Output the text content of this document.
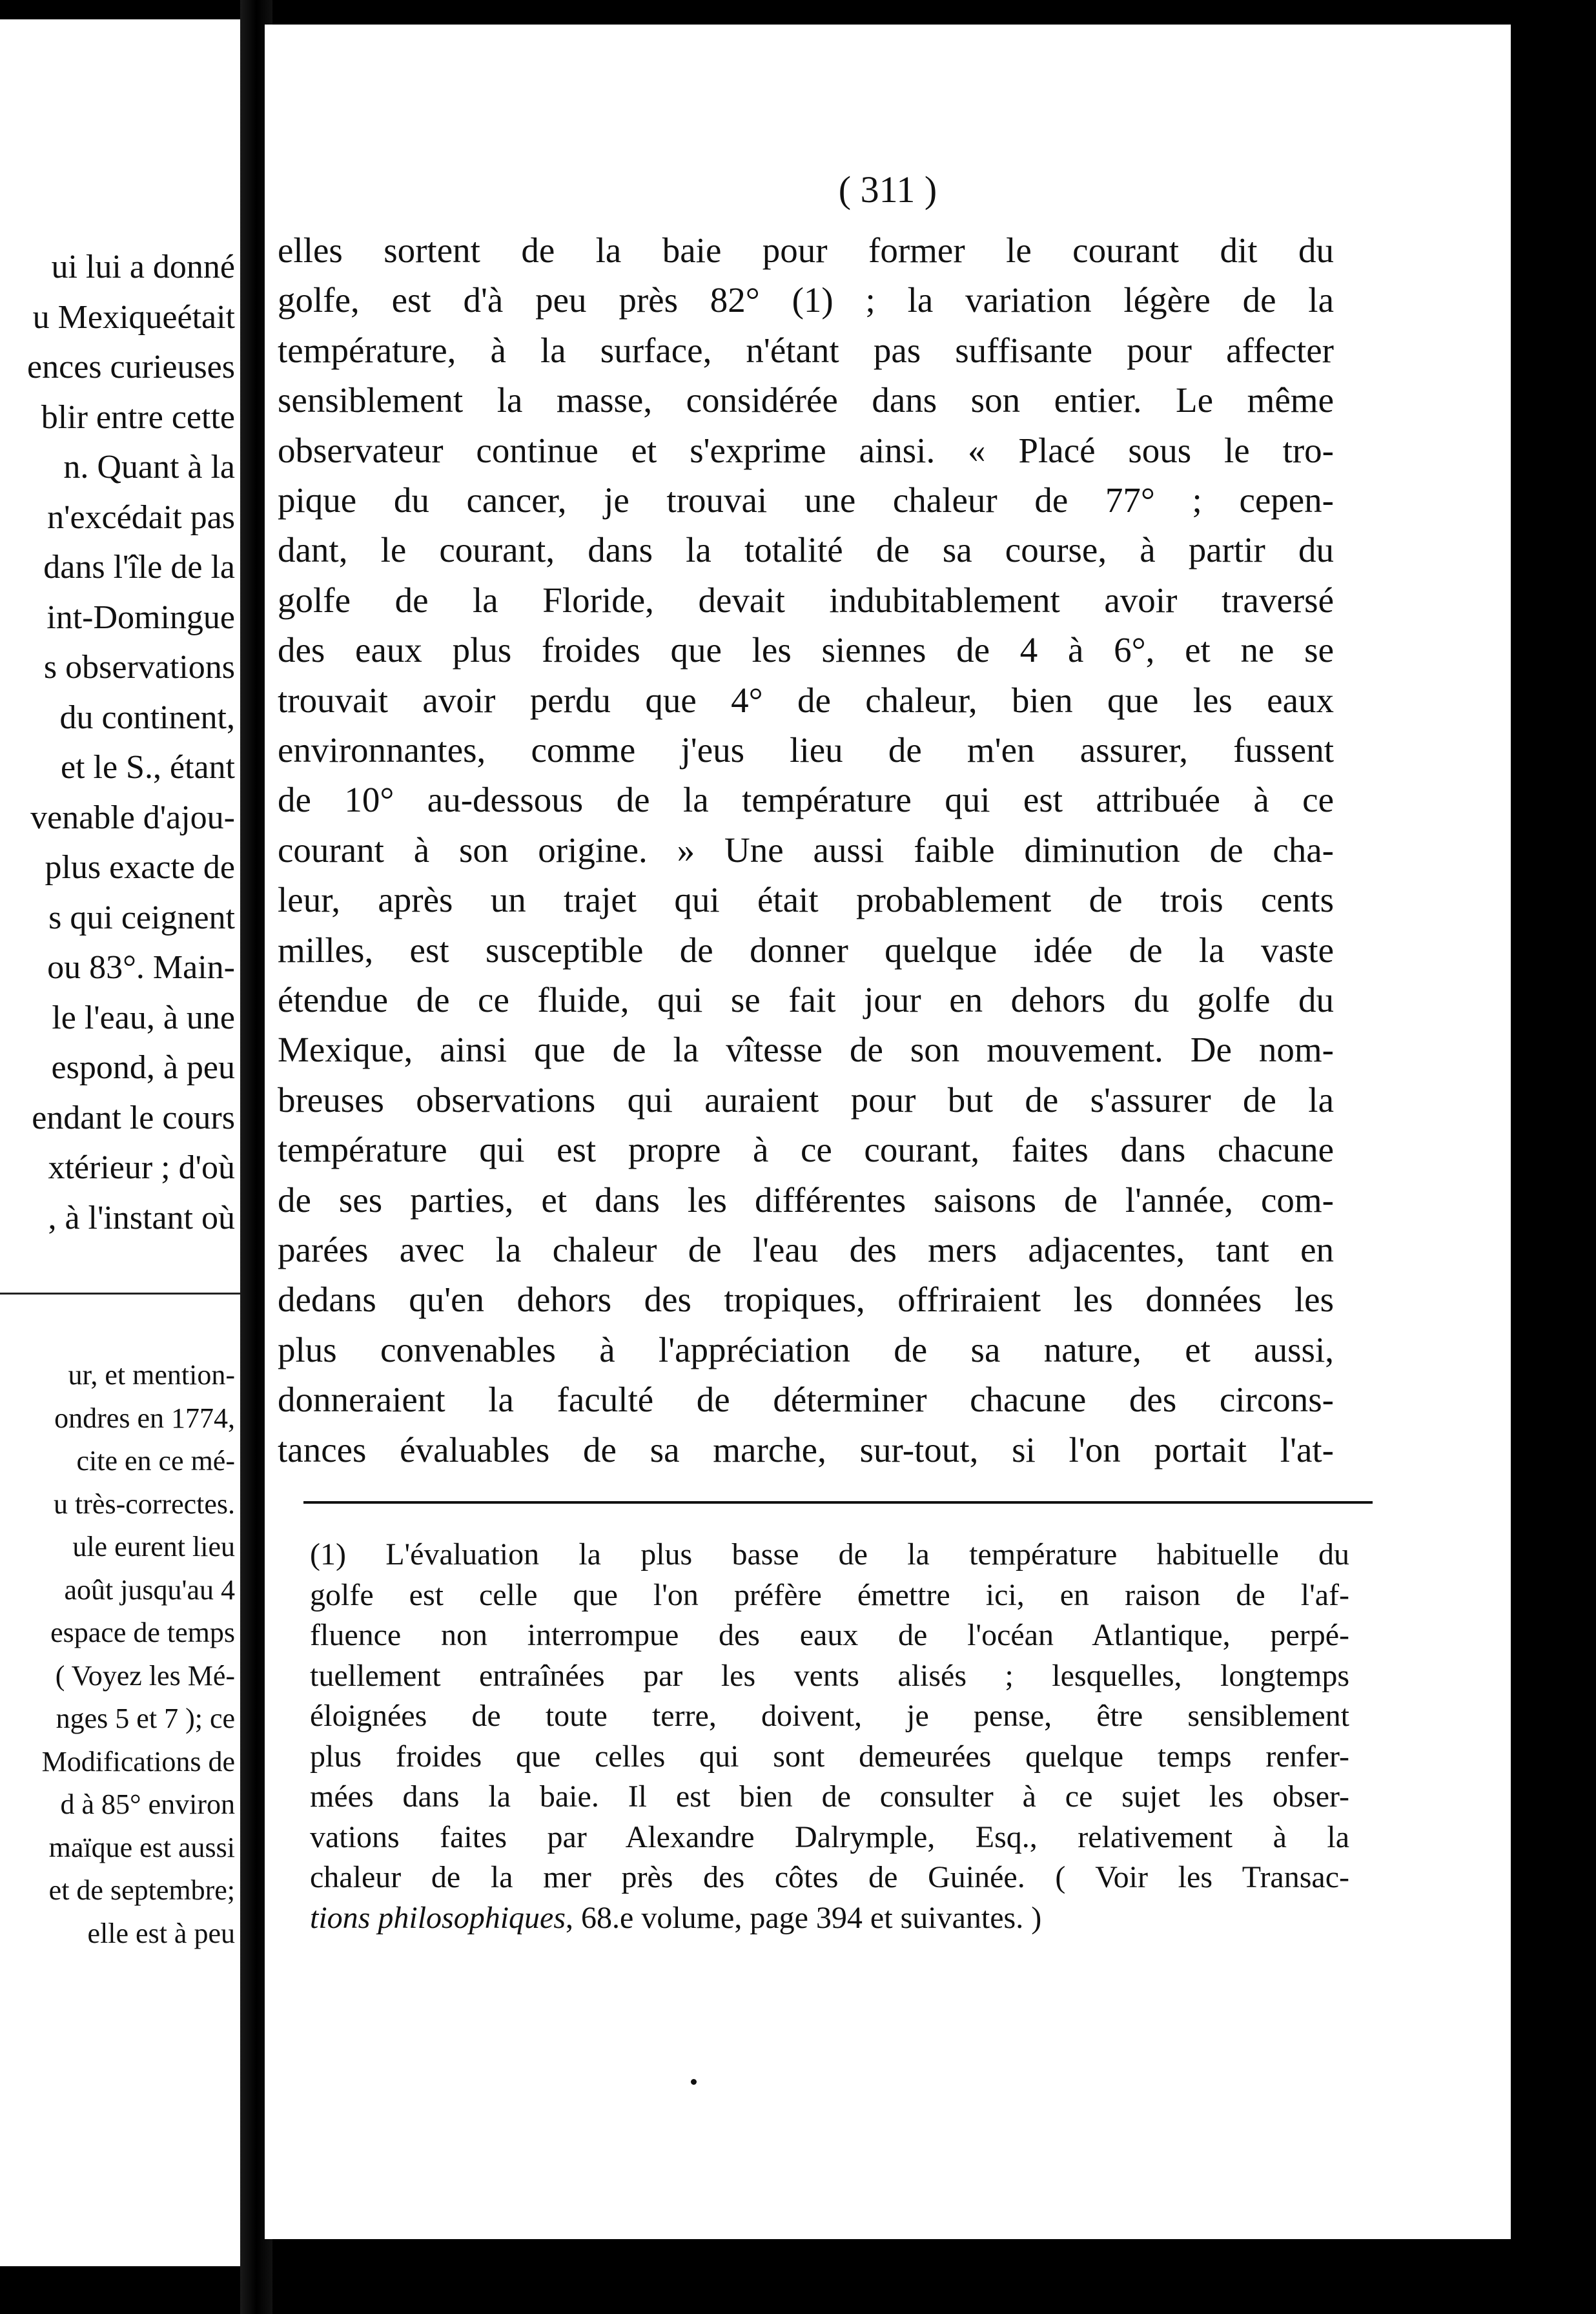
ui lui a donné
u Mexiqueétait
ences curieuses
blir entre cette
n. Quant à la
n'excédait pas
dans l'île de la
int-Domingue
s observations
du continent,
et le S., étant
venable d'ajou-
plus exacte de
s qui ceignent
ou 83°. Main-
le l'eau, à une
espond, à peu
endant le cours
xtérieur ; d'où
, à l'instant où
ur, et mention-
ondres en 1774,
cite en ce mé-
u très-correctes.
ule eurent lieu
août jusqu'au 4
espace de temps
( Voyez les Mé-
nges 5 et 7 ); ce
Modifications de
d à 85° environ
maïque est aussi
et de septembre;
elle est à peu
( 311 )
elles sortent de la baie pour former le courant dit du
golfe, est d'à peu près 82° (1) ; la variation légère de la
température, à la surface, n'étant pas suffisante pour affecter
sensiblement la masse, considérée dans son entier. Le même
observateur continue et s'exprime ainsi. « Placé sous le tro-
pique du cancer, je trouvai une chaleur de 77° ; cepen-
dant, le courant, dans la totalité de sa course, à partir du
golfe de la Floride, devait indubitablement avoir traversé
des eaux plus froides que les siennes de 4 à 6°, et ne se
trouvait avoir perdu que 4° de chaleur, bien que les eaux
environnantes, comme j'eus lieu de m'en assurer, fussent
de 10° au-dessous de la température qui est attribuée à ce
courant à son origine. » Une aussi faible diminution de cha-
leur, après un trajet qui était probablement de trois cents
milles, est susceptible de donner quelque idée de la vaste
étendue de ce fluide, qui se fait jour en dehors du golfe du
Mexique, ainsi que de la vîtesse de son mouvement. De nom-
breuses observations qui auraient pour but de s'assurer de la
température qui est propre à ce courant, faites dans chacune
de ses parties, et dans les différentes saisons de l'année, com-
parées avec la chaleur de l'eau des mers adjacentes, tant en
dedans qu'en dehors des tropiques, offriraient les données les
plus convenables à l'appréciation de sa nature, et aussi,
donneraient la faculté de déterminer chacune des circons-
tances évaluables de sa marche, sur-tout, si l'on portait l'at-
(1) L'évaluation la plus basse de la température habituelle du
golfe est celle que l'on préfère émettre ici, en raison de l'af-
fluence non interrompue des eaux de l'océan Atlantique, perpé-
tuellement entraînées par les vents alisés ; lesquelles, longtemps
éloignées de toute terre, doivent, je pense, être sensiblement
plus froides que celles qui sont demeurées quelque temps renfer-
mées dans la baie. Il est bien de consulter à ce sujet les obser-
vations faites par Alexandre Dalrymple, Esq., relativement à la
chaleur de la mer près des côtes de Guinée. ( Voir les Transac-
tions philosophiques, 68.e volume, page 394 et suivantes. )
